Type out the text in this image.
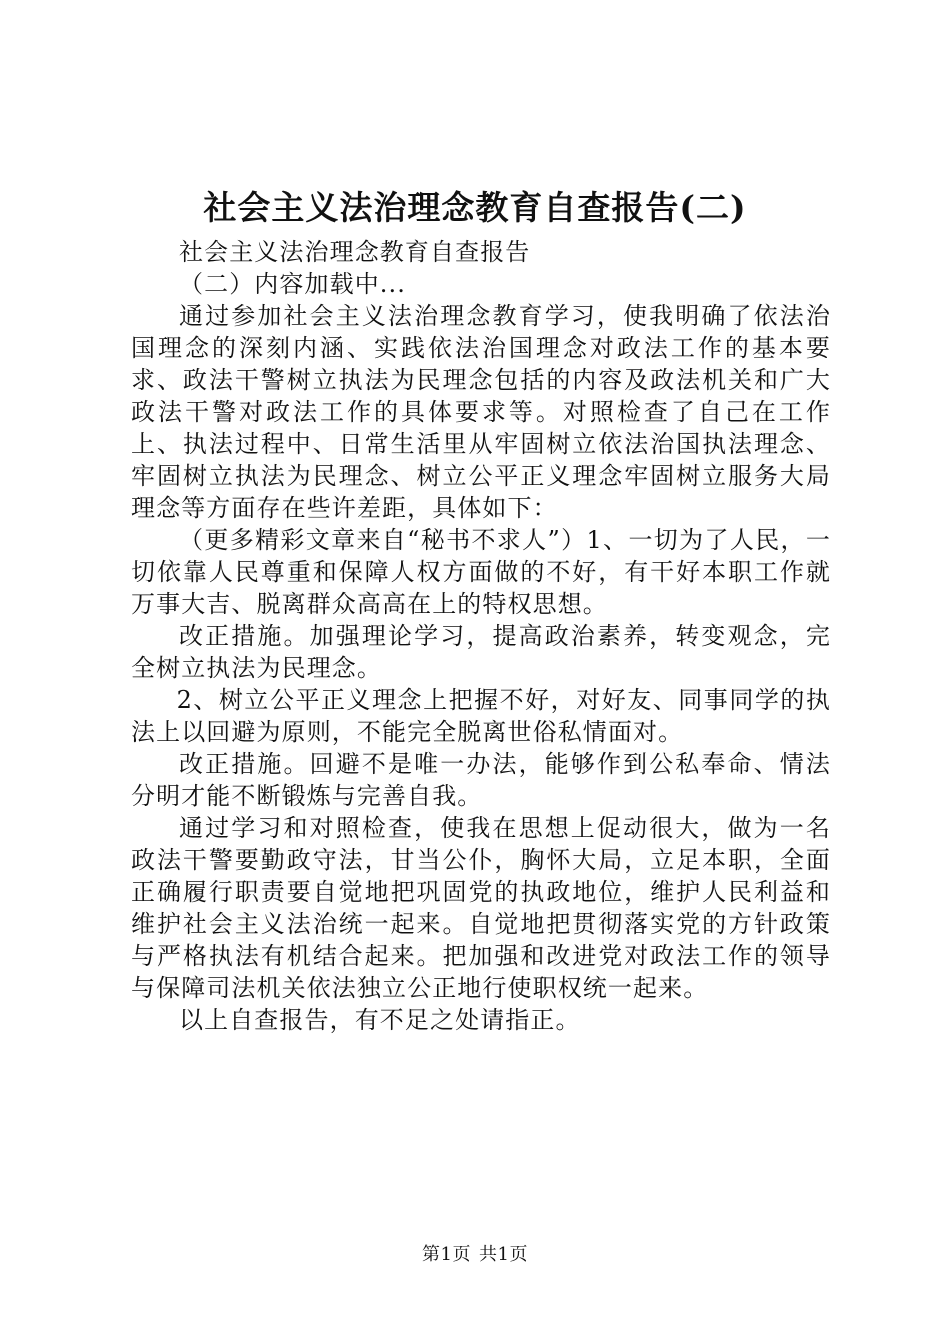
社会主义法治理念教育自查报告(二)

社会主义法治理念教育自查报告

（二）内容加载中...

通过参加社会主义法治理念教育学习，使我明确了依法治国理念的深刻内涵、实践依法治国理念对政法工作的基本要求、政法干警树立执法为民理念包括的内容及政法机关和广大政法干警对政法工作的具体要求等。对照检查了自己在工作上、执法过程中、日常生活里从牢固树立依法治国执法理念、牢固树立执法为民理念、树立公平正义理念牢固树立服务大局理念等方面存在些许差距，具体如下：

（更多精彩文章来自“秘书不求人”）1、一切为了人民，一切依靠人民尊重和保障人权方面做的不好，有干好本职工作就万事大吉、脱离群众高高在上的特权思想。

改正措施。加强理论学习，提高政治素养，转变观念，完全树立执法为民理念。

2、树立公平正义理念上把握不好，对好友、同事同学的执法上以回避为原则，不能完全脱离世俗私情面对。

改正措施。回避不是唯一办法，能够作到公私奉命、情法分明才能不断锻炼与完善自我。

通过学习和对照检查，使我在思想上促动很大，做为一名政法干警要勤政守法，甘当公仆，胸怀大局，立足本职，全面正确履行职责要自觉地把巩固党的执政地位，维护人民利益和维护社会主义法治统一起来。自觉地把贯彻落实党的方针政策与严格执法有机结合起来。把加强和改进党对政法工作的领导与保障司法机关依法独立公正地行使职权统一起来。

以上自查报告，有不足之处请指正。

第1页 共1页
